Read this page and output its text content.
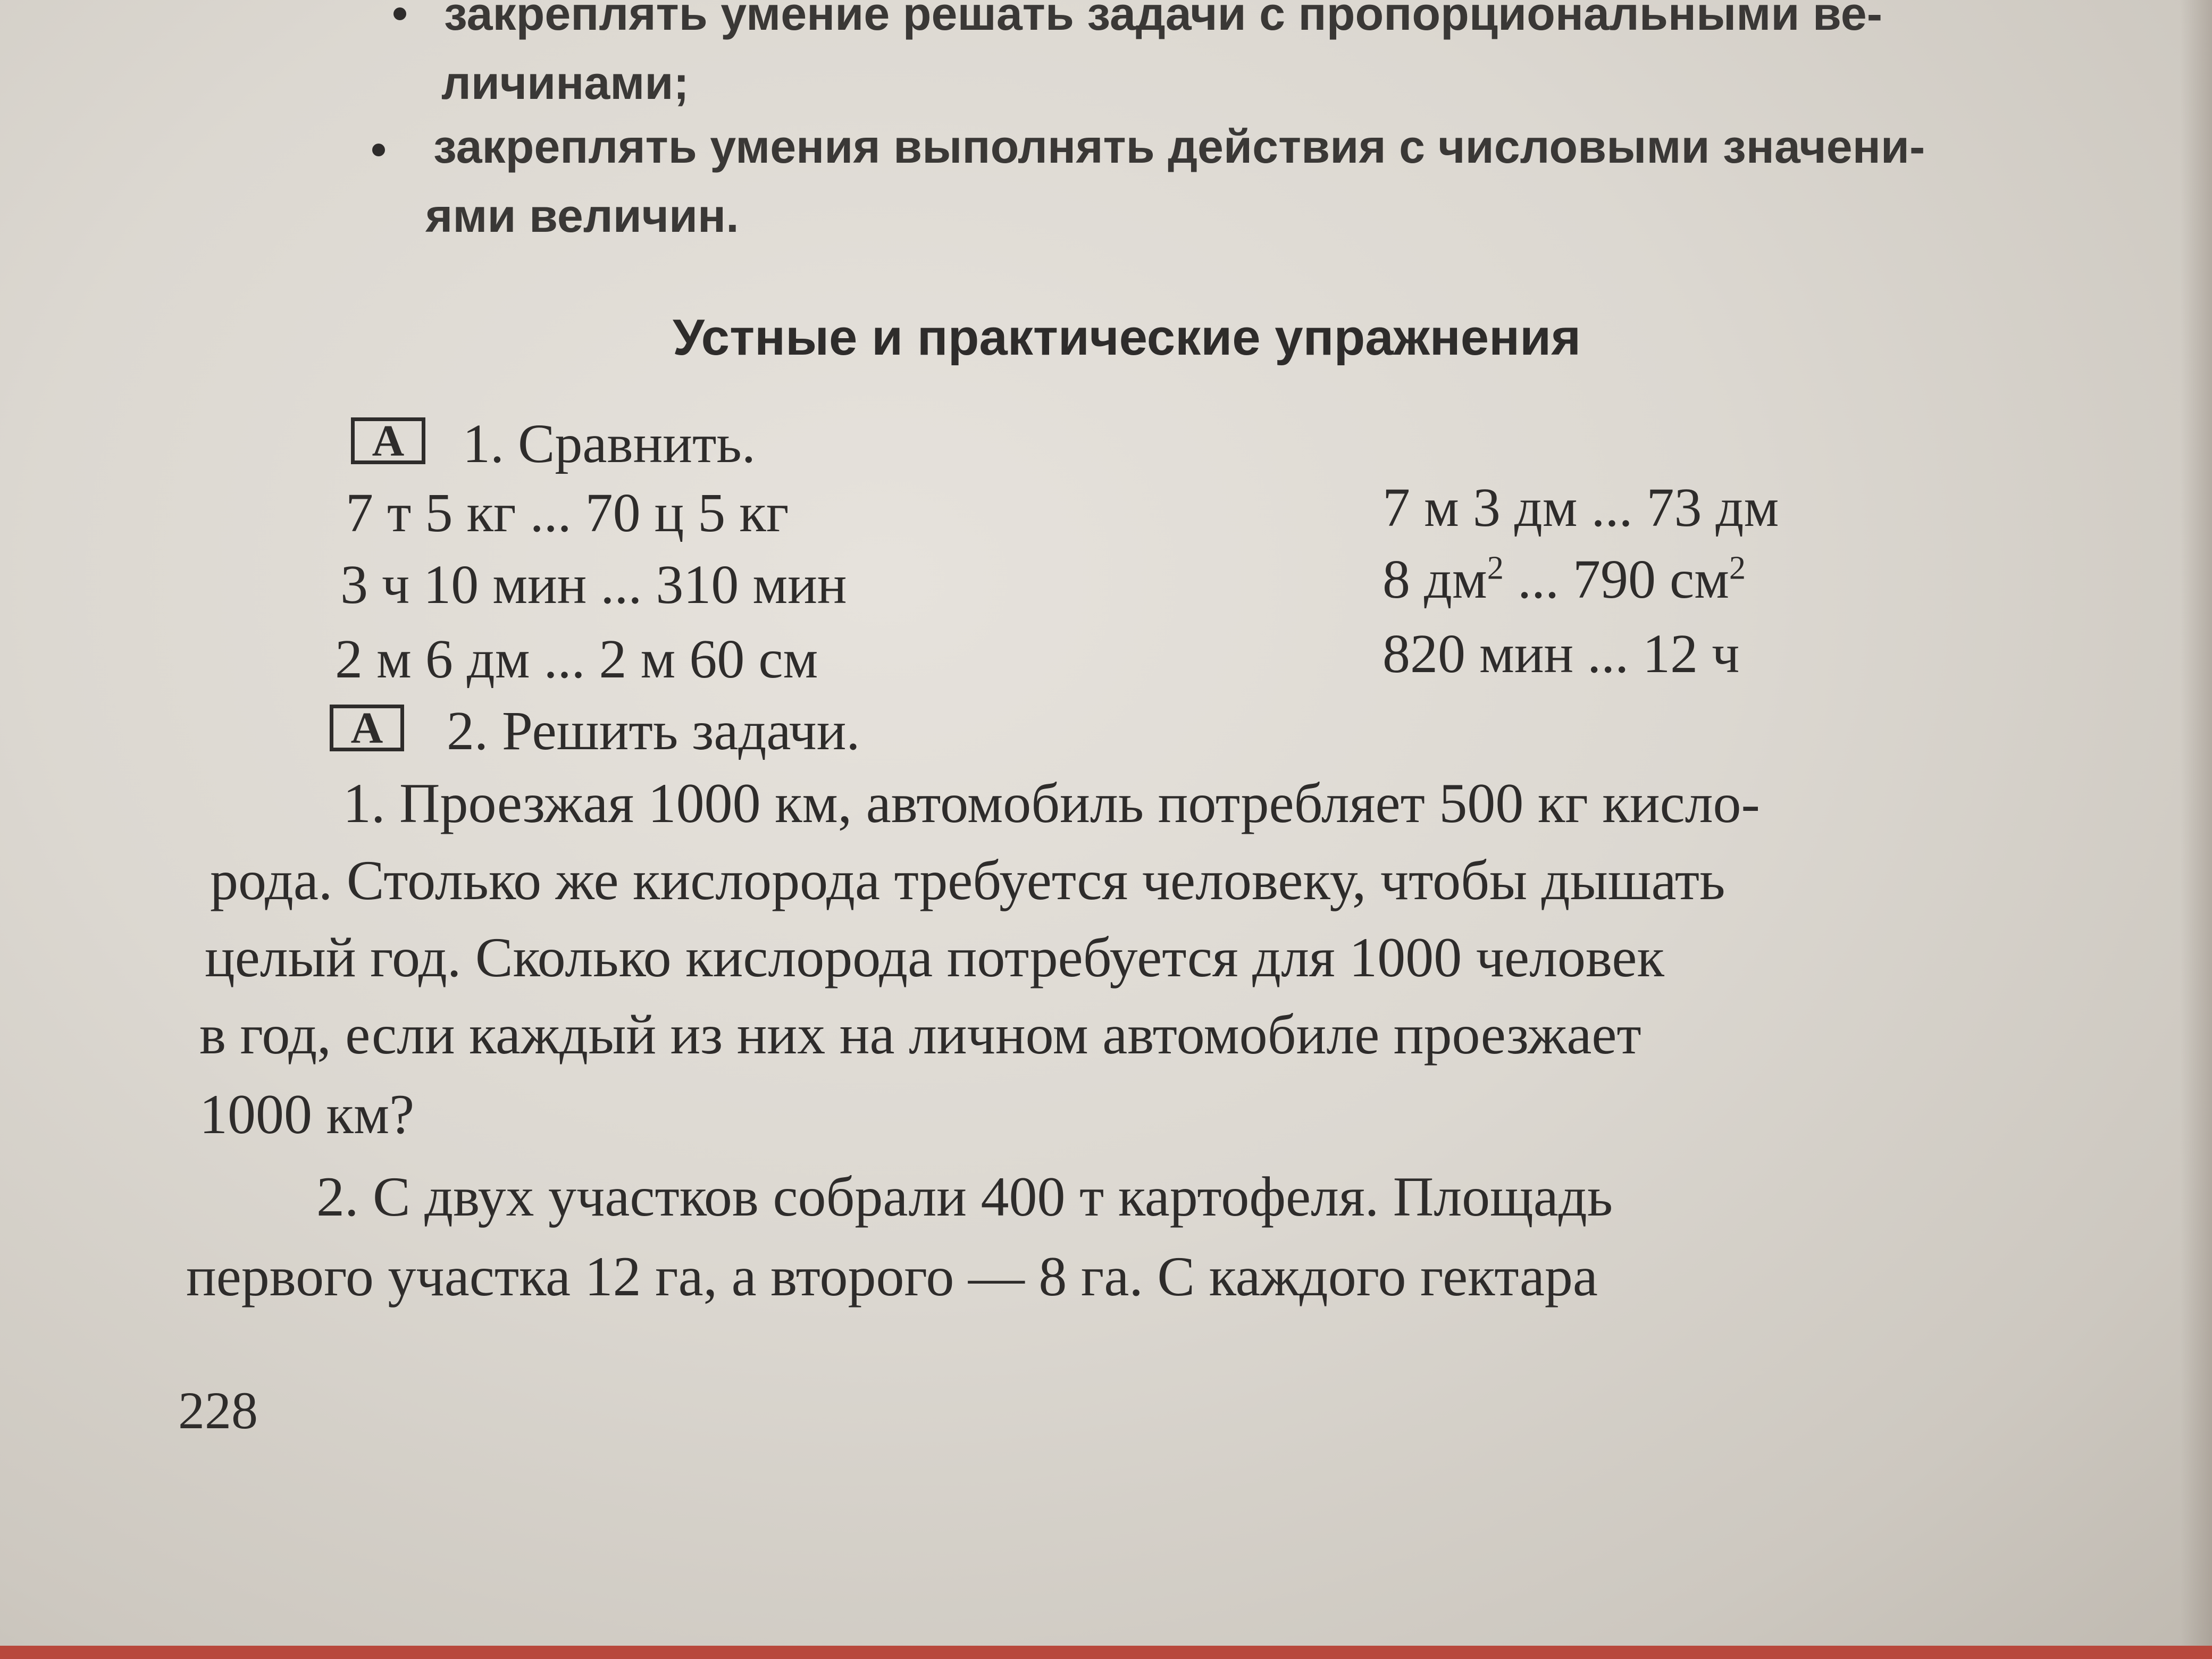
закреплять умение решать задачи с пропорциональными ве-

личинами;

закреплять умения выполнять действия с числовыми значени-

ями величин.

Устные и практические упражнения

А	1. Сравнить.

7 т 5 кг ... 70 ц 5 кг

3 ч 10 мин ... 310 мин

2 м 6 дм ... 2 м 60 см

7 м 3 дм ... 73 дм

8 $дм^2$ ... 790 $см^2$

820 мин ... 12 ч

А	2. Решить задачи.

1. Проезжая 1000 км, автомобиль потребляет 500 кг кисло-

рода. Столько же кислорода требуется человеку, чтобы дышать

целый год. Сколько кислорода потребуется для 1000 человек

в год, если каждый из них на личном автомобиле проезжает

1000 км?

2. С двух участков собрали 400 т картофеля. Площадь

первого участка 12 га, а второго — 8 га. С каждого гектара

228
